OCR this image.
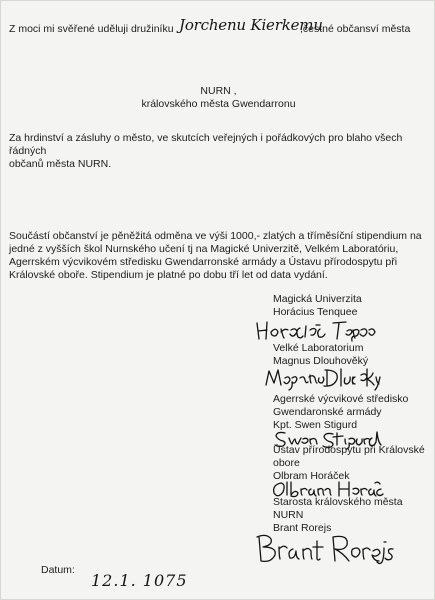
Z moci mi svěřené uděluji družiníku Jorchenu Kierkemu
,čestné občansví města
NURN ,
královského města Gwendarronu
Za hrdinství a zásluhy o město, ve skutcích veřejných i pořádkových pro blaho všech řádných
občanů města NURN.
Součástí občanství je pěněžitá odměna ve výši 1000,- zlatých a tříměsíční stipendium na
jedné z vyšších škol Nurnského učení tj na Magické Univerzitě, Velkém Laboratóriu,
Agerrském výcvikovém středisku Gwendarronské armády a Ústavu přírodospytu při
Královské oboře. Stipendium je platné po dobu tří let od data vydání.
Magická Univerzita
Horácius Tenquee
Velké Laboratorium
Magnus Dlouhověký
Agerrské výcvikové středisko
Gwendaronské armády
Kpt. Swen Stigurd
Ústav přírodospytu při Královské
obore
Olbram Horáček
Starosta královského města
NURN
Brant Rorejs
Datum:
12.1. 1075
